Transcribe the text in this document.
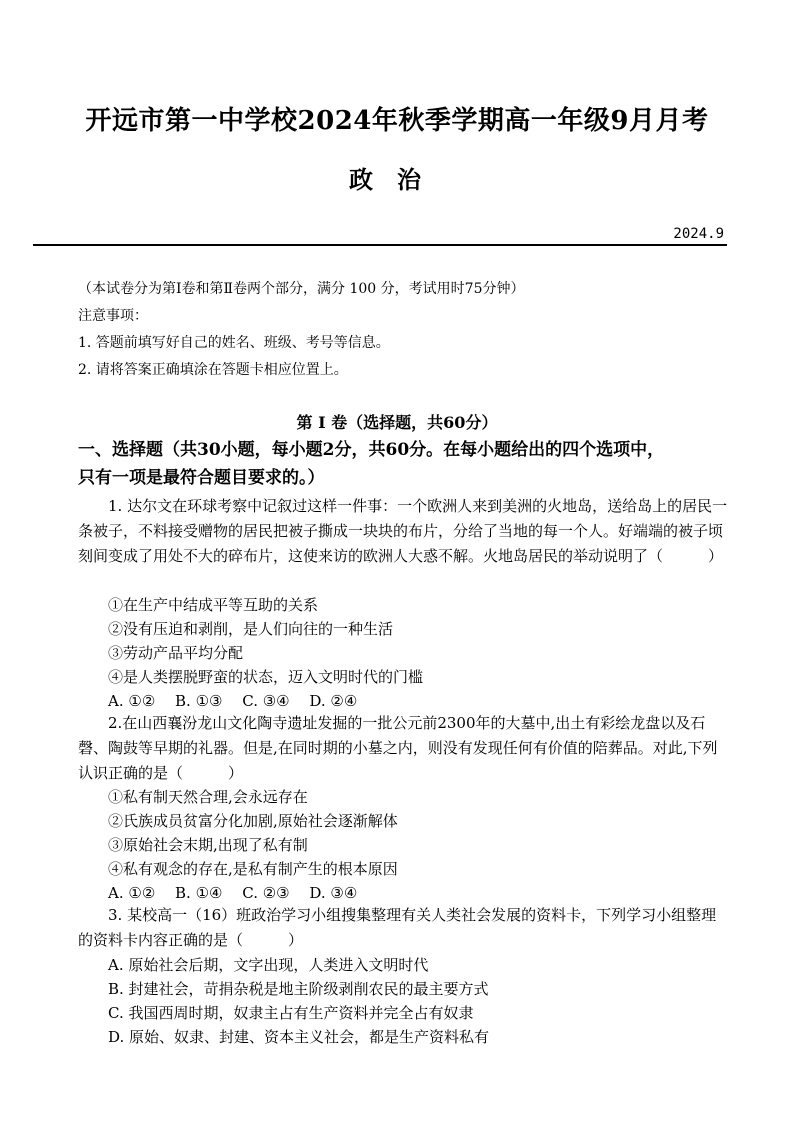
开远市第一中学校2024年秋季学期高一年级9月月考
政治
2024.9
（本试卷分为第Ⅰ卷和第Ⅱ卷两个部分，满分 100 分，考试用时75分钟）
注意事项：
1. 答题前填写好自己的姓名、班级、考号等信息。
2. 请将答案正确填涂在答题卡相应位置上。
第 I 卷（选择题，共60分）
一、选择题（共30小题，每小题2分，共60分。在每小题给出的四个选项中，
只有一项是最符合题目要求的。）
1. 达尔文在环球考察中记叙过这样一件事：一个欧洲人来到美洲的火地岛，送给岛上的居民一条被子，不料接受赠物的居民把被子撕成一块块的布片，分给了当地的每一个人。好端端的被子顷刻间变成了用处不大的碎布片，这使来访的欧洲人大惑不解。火地岛居民的举动说明了（　　　）
①在生产中结成平等互助的关系
②没有压迫和剥削，是人们向往的一种生活
③劳动产品平均分配
④是人类摆脱野蛮的状态，迈入文明时代的门槛
A. ①②　 B. ①③　 C. ③④　 D. ②④
2.在山西襄汾龙山文化陶寺遗址发掘的一批公元前2300年的大墓中,出土有彩绘龙盘以及石磬、陶鼓等早期的礼器。但是,在同时期的小墓之内，则没有发现任何有价值的陪葬品。对此,下列认识正确的是（　　　）
①私有制天然合理,会永远存在
②氏族成员贫富分化加剧,原始社会逐渐解体
③原始社会末期,出现了私有制
④私有观念的存在,是私有制产生的根本原因
A. ①②　 B. ①④　 C. ②③　 D. ③④
3. 某校高一（16）班政治学习小组搜集整理有关人类社会发展的资料卡，下列学习小组整理的资料卡内容正确的是（　　　）
A. 原始社会后期，文字出现，人类进入文明时代
B. 封建社会，苛捐杂税是地主阶级剥削农民的最主要方式
C. 我国西周时期，奴隶主占有生产资料并完全占有奴隶
D. 原始、奴隶、封建、资本主义社会，都是生产资料私有
